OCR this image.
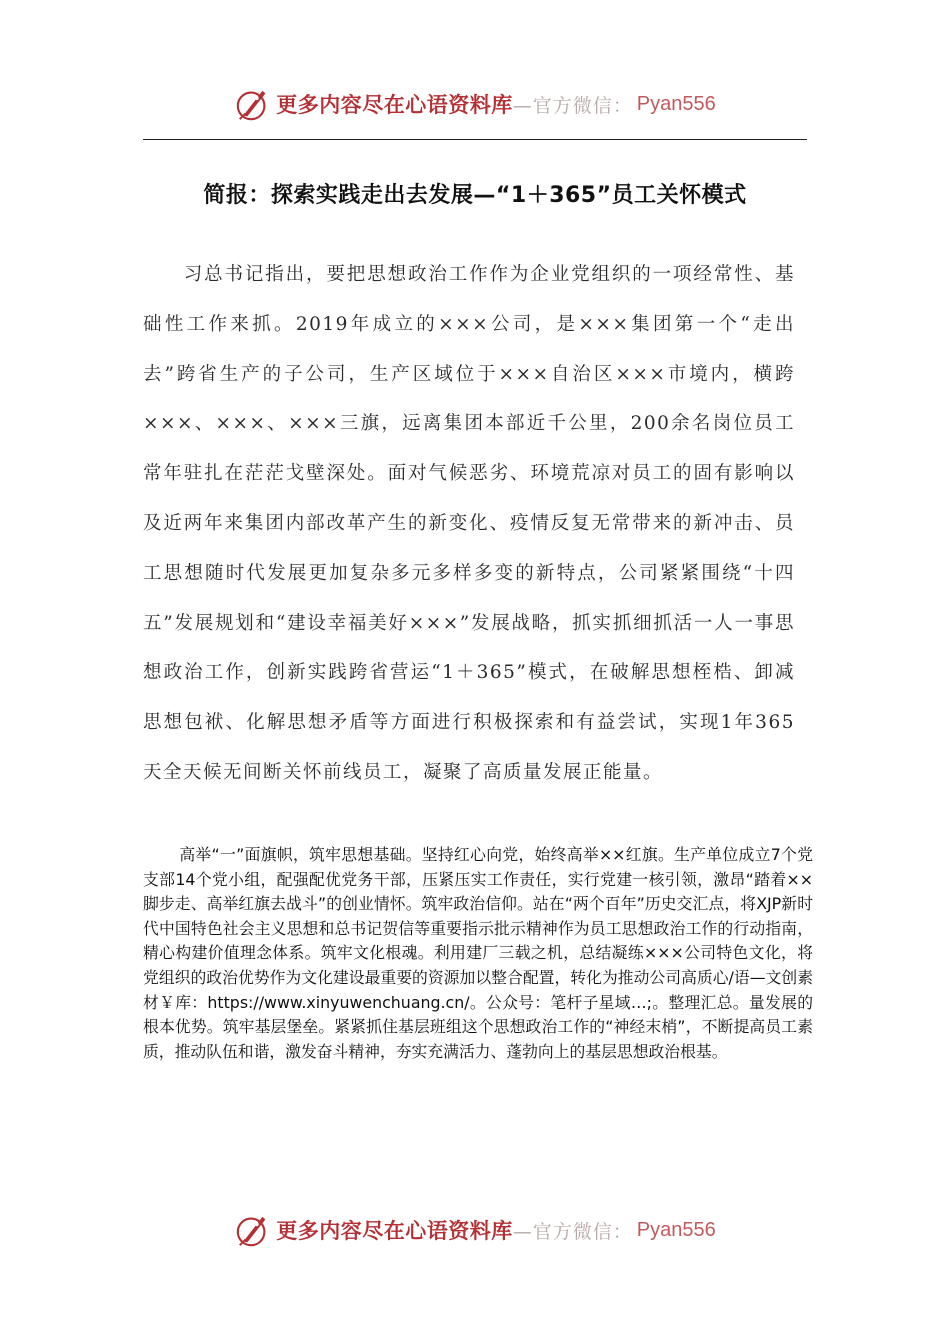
更多内容尽在心语资料库 —官方微信： Pyan556
简报：探索实践走出去发展—“1＋365”员工关怀模式

习总书记指出，要把思想政治工作作为企业党组织的一项经常性、基础性工作来抓。2019年成立的×××公司，是×××集团第一个“走出去”跨省生产的子公司，生产区域位于×××自治区×××市境内，横跨×××、×××、×××三旗，远离集团本部近千公里，200余名岗位员工常年驻扎在茫茫戈壁深处。面对气候恶劣、环境荒凉对员工的固有影响以及近两年来集团内部改革产生的新变化、疫情反复无常带来的新冲击、员工思想随时代发展更加复杂多元多样多变的新特点，公司紧紧围绕“十四五”发展规划和“建设幸福美好×××”发展战略，抓实抓细抓活一人一事思想政治工作，创新实践跨省营运“1＋365”模式，在破解思想桎梏、卸减思想包袱、化解思想矛盾等方面进行积极探索和有益尝试，实现1年365天全天候无间断关怀前线员工，凝聚了高质量发展正能量。

高举“一”面旗帜，筑牢思想基础。坚持红心向党，始终高举××红旗。生产单位成立7个党支部14个党小组，配强配优党务干部，压紧压实工作责任，实行党建一核引领，激昂“踏着××脚步走、高举红旗去战斗”的创业情怀。筑牢政治信仰。站在“两个百年”历史交汇点，将XJP新时代中国特色社会主义思想和总书记贺信等重要指示批示精神作为员工思想政治工作的行动指南，精心构建价值理念体系。筑牢文化根魂。利用建厂三载之机，总结凝练×××公司特色文化，将党组织的政治优势作为文化建设最重要的资源加以整合配置，转化为推动公司高质心/语—文创素材￥库：https://www.xinyuwenchuang.cn/。公众号：笔杆子星域…;。整理汇总。量发展的根本优势。筑牢基层堡垒。紧紧抓住基层班组这个思想政治工作的“神经末梢”，不断提高员工素质，推动队伍和谐，激发奋斗精神，夯实充满活力、蓬勃向上的基层思想政治根基。

更多内容尽在心语资料库 —官方微信： Pyan556
